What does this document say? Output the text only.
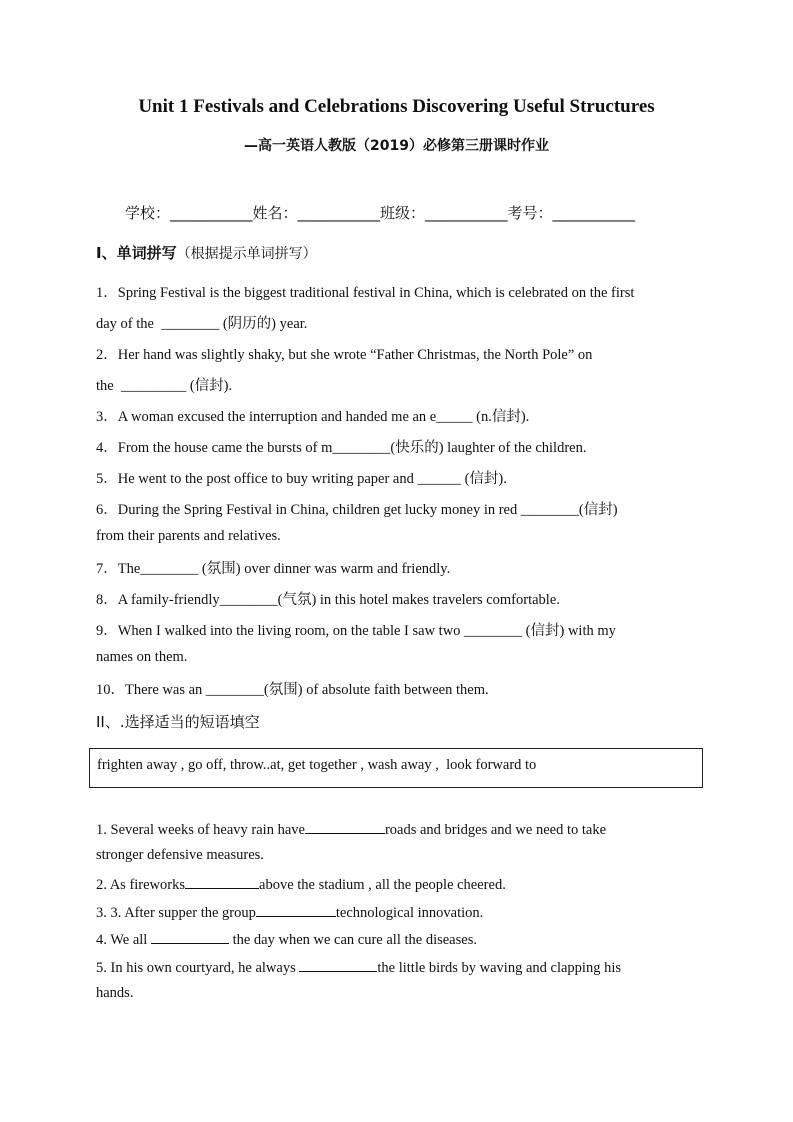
Unit 1 Festivals and Celebrations Discovering Useful Structures
—高一英语人教版（2019）必修第三册课时作业
学校：___________姓名：___________班级：___________考号：___________
I、单词拼写（根据提示单词拼写）
1．Spring Festival is the biggest traditional festival in China, which is celebrated on the first
day of the  ________ (阴历的) year.
2．Her hand was slightly shaky, but she wrote “Father Christmas, the North Pole” on
the  _________ (信封).
3．A woman excused the interruption and handed me an e_____ (n.信封).
4．From the house came the bursts of m________(快乐的) laughter of the children.
5．He went to the post office to buy writing paper and ______ (信封).
6．During the Spring Festival in China, children get lucky money in red ________(信封)
from their parents and relatives.
7．The________ (氛围) over dinner was warm and friendly.
8．A family-friendly________(气氛) in this hotel makes travelers comfortable.
9．When I walked into the living room, on the table I saw two ________ (信封) with my
names on them.
10．There was an ________(氛围) of absolute faith between them.
II、.选择适当的短语填空
frighten away , go off, throw..at, get together , wash away ,  look forward to
1. Several weeks of heavy rain have	roads and bridges and we need to take
stronger defensive measures.
2. As fireworks	above the stadium , all the people cheered.
3. 3. After supper the group	technological innovation.
4. We all	the day when we can cure all the diseases.
5. In his own courtyard, he always	the little birds by waving and clapping his
hands.
